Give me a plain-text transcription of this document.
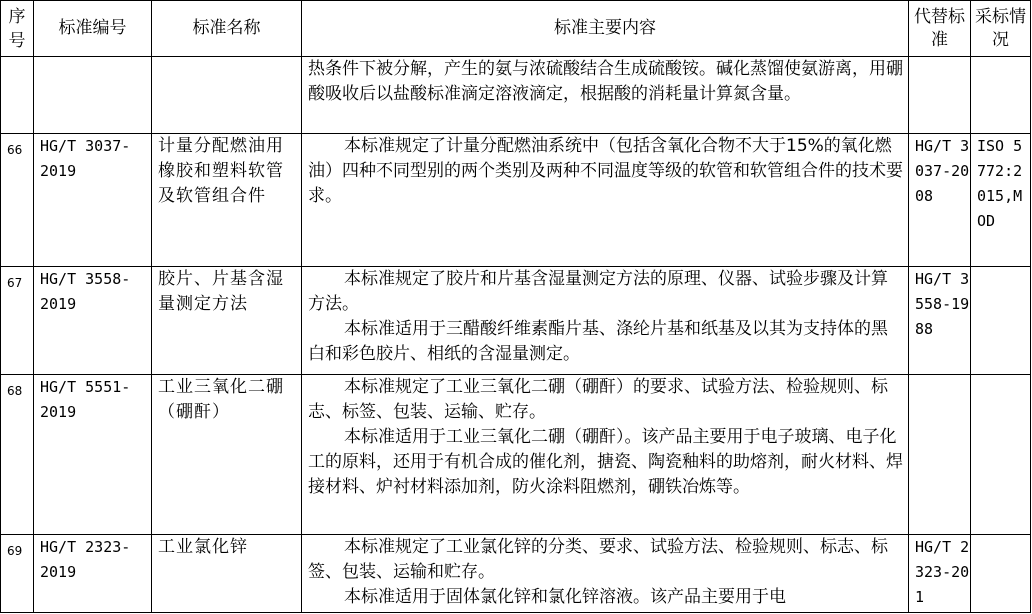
序号	标准编号	标准名称	标准主要内容	代替标准	采标情况

			热条件下被分解，产生的氨与浓硫酸结合生成硫酸铵。碱化蒸馏使氨游离，用硼酸吸收后以盐酸标准滴定溶液滴定，根据酸的消耗量计算氮含量。		

66	HG/T 3037-2019	计量分配燃油用橡胶和塑料软管及软管组合件	本标准规定了计量分配燃油系统中（包括含氧化合物不大于15%的氧化燃油）四种不同型别的两个类别及两种不同温度等级的软管和软管组合件的技术要求。	HG/T 3037-2008	ISO 5772:2015,MOD
67	HG/T 3558-2019	胶片、片基含湿量测定方法	本标准规定了胶片和片基含湿量测定方法的原理、仪器、试验步骤及计算方法。

本标准适用于三醋酸纤维素酯片基、涤纶片基和纸基及以其为支持体的黑白和彩色胶片、相纸的含湿量测定。	HG/T 3558-1988	
68	HG/T 5551-2019	工业三氧化二硼（硼酐）	本标准规定了工业三氧化二硼（硼酐）的要求、试验方法、检验规则、标志、标签、包装、运输、贮存。

本标准适用于工业三氧化二硼（硼酐）。该产品主要用于电子玻璃、电子化工的原料，还用于有机合成的催化剂，搪瓷、陶瓷釉料的助熔剂，耐火材料、焊接材料、炉衬材料添加剂，防火涂料阻燃剂，硼铁冶炼等。		

69	HG/T 2323-2019	工业氯化锌	本标准规定了工业氯化锌的分类、要求、试验方法、检验规则、标志、标签、包装、运输和贮存。

本标准适用于固体氯化锌和氯化锌溶液。该产品主要用于电	HG/T 2323-201	
